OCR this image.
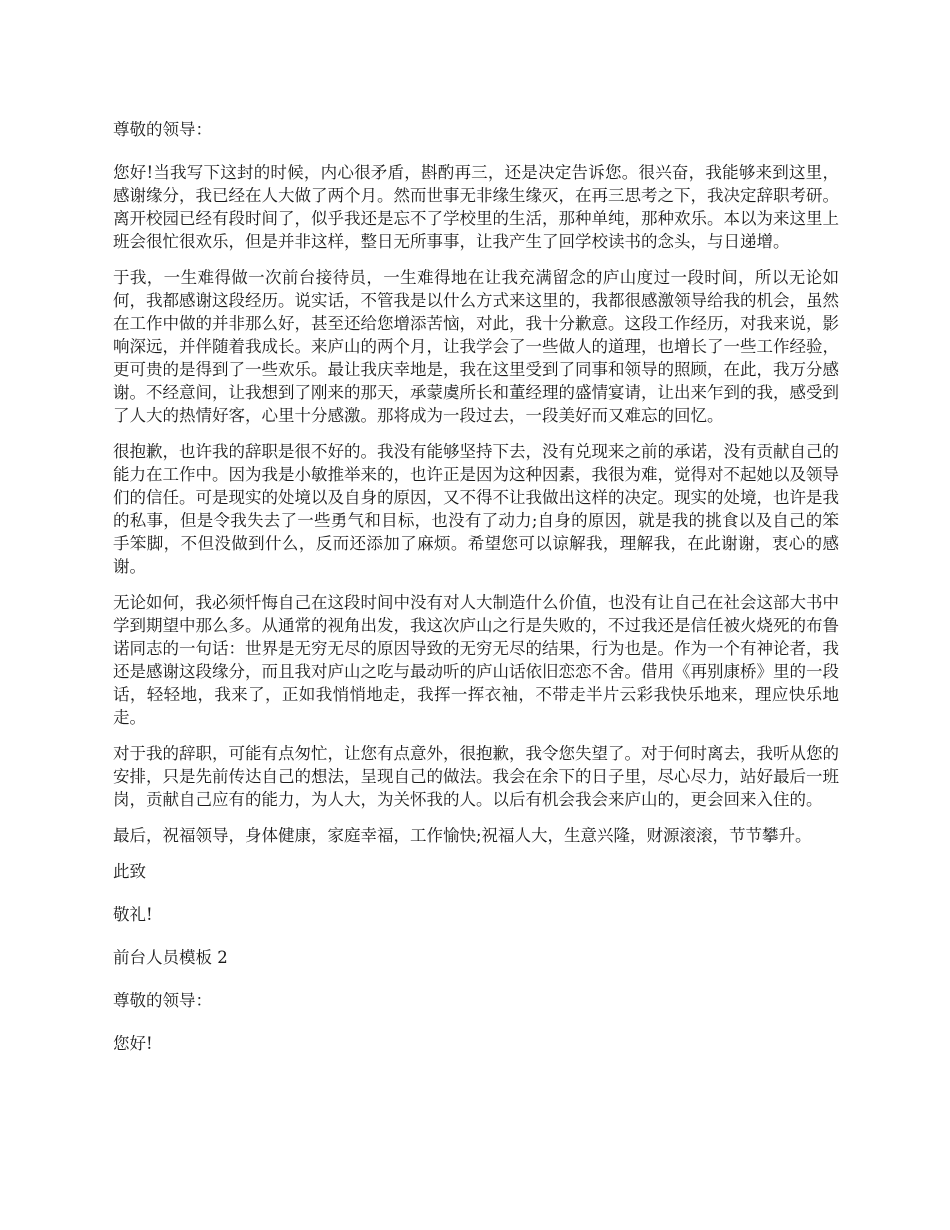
尊敬的领导：

您好!当我写下这封的时候，内心很矛盾，斟酌再三，还是决定告诉您。很兴奋，我能够来到这里，感谢缘分，我已经在人大做了两个月。然而世事无非缘生缘灭，在再三思考之下，我决定辞职考研。离开校园已经有段时间了，似乎我还是忘不了学校里的生活，那种单纯，那种欢乐。本以为来这里上班会很忙很欢乐，但是并非这样，整日无所事事，让我产生了回学校读书的念头，与日递增。

于我，一生难得做一次前台接待员，一生难得地在让我充满留念的庐山度过一段时间，所以无论如何，我都感谢这段经历。说实话，不管我是以什么方式来这里的，我都很感激领导给我的机会，虽然在工作中做的并非那么好，甚至还给您增添苦恼，对此，我十分歉意。这段工作经历，对我来说，影响深远，并伴随着我成长。来庐山的两个月，让我学会了一些做人的道理，也增长了一些工作经验，更可贵的是得到了一些欢乐。最让我庆幸地是，我在这里受到了同事和领导的照顾，在此，我万分感谢。不经意间，让我想到了刚来的那天，承蒙虞所长和董经理的盛情宴请，让出来乍到的我，感受到了人大的热情好客，心里十分感激。那将成为一段过去，一段美好而又难忘的回忆。

很抱歉，也许我的辞职是很不好的。我没有能够坚持下去，没有兑现来之前的承诺，没有贡献自己的能力在工作中。因为我是小敏推举来的，也许正是因为这种因素，我很为难，觉得对不起她以及领导们的信任。可是现实的处境以及自身的原因，又不得不让我做出这样的决定。现实的处境，也许是我的私事，但是令我失去了一些勇气和目标，也没有了动力;自身的原因，就是我的挑食以及自己的笨手笨脚，不但没做到什么，反而还添加了麻烦。希望您可以谅解我，理解我，在此谢谢，衷心的感谢。

无论如何，我必须忏悔自己在这段时间中没有对人大制造什么价值，也没有让自己在社会这部大书中学到期望中那么多。从通常的视角出发，我这次庐山之行是失败的，不过我还是信任被火烧死的布鲁诺同志的一句话：世界是无穷无尽的原因导致的无穷无尽的结果，行为也是。作为一个有神论者，我还是感谢这段缘分，而且我对庐山之吃与最动听的庐山话依旧恋恋不舍。借用《再别康桥》里的一段话，轻轻地，我来了，正如我悄悄地走，我挥一挥衣袖，不带走半片云彩我快乐地来，理应快乐地走。

对于我的辞职，可能有点匆忙，让您有点意外，很抱歉，我令您失望了。对于何时离去，我听从您的安排，只是先前传达自己的想法，呈现自己的做法。我会在余下的日子里，尽心尽力，站好最后一班岗，贡献自己应有的能力，为人大，为关怀我的人。以后有机会我会来庐山的，更会回来入住的。

最后，祝福领导，身体健康，家庭幸福，工作愉快;祝福人大，生意兴隆，财源滚滚，节节攀升。

此致

敬礼!

前台人员模板 2

尊敬的领导：

您好!
